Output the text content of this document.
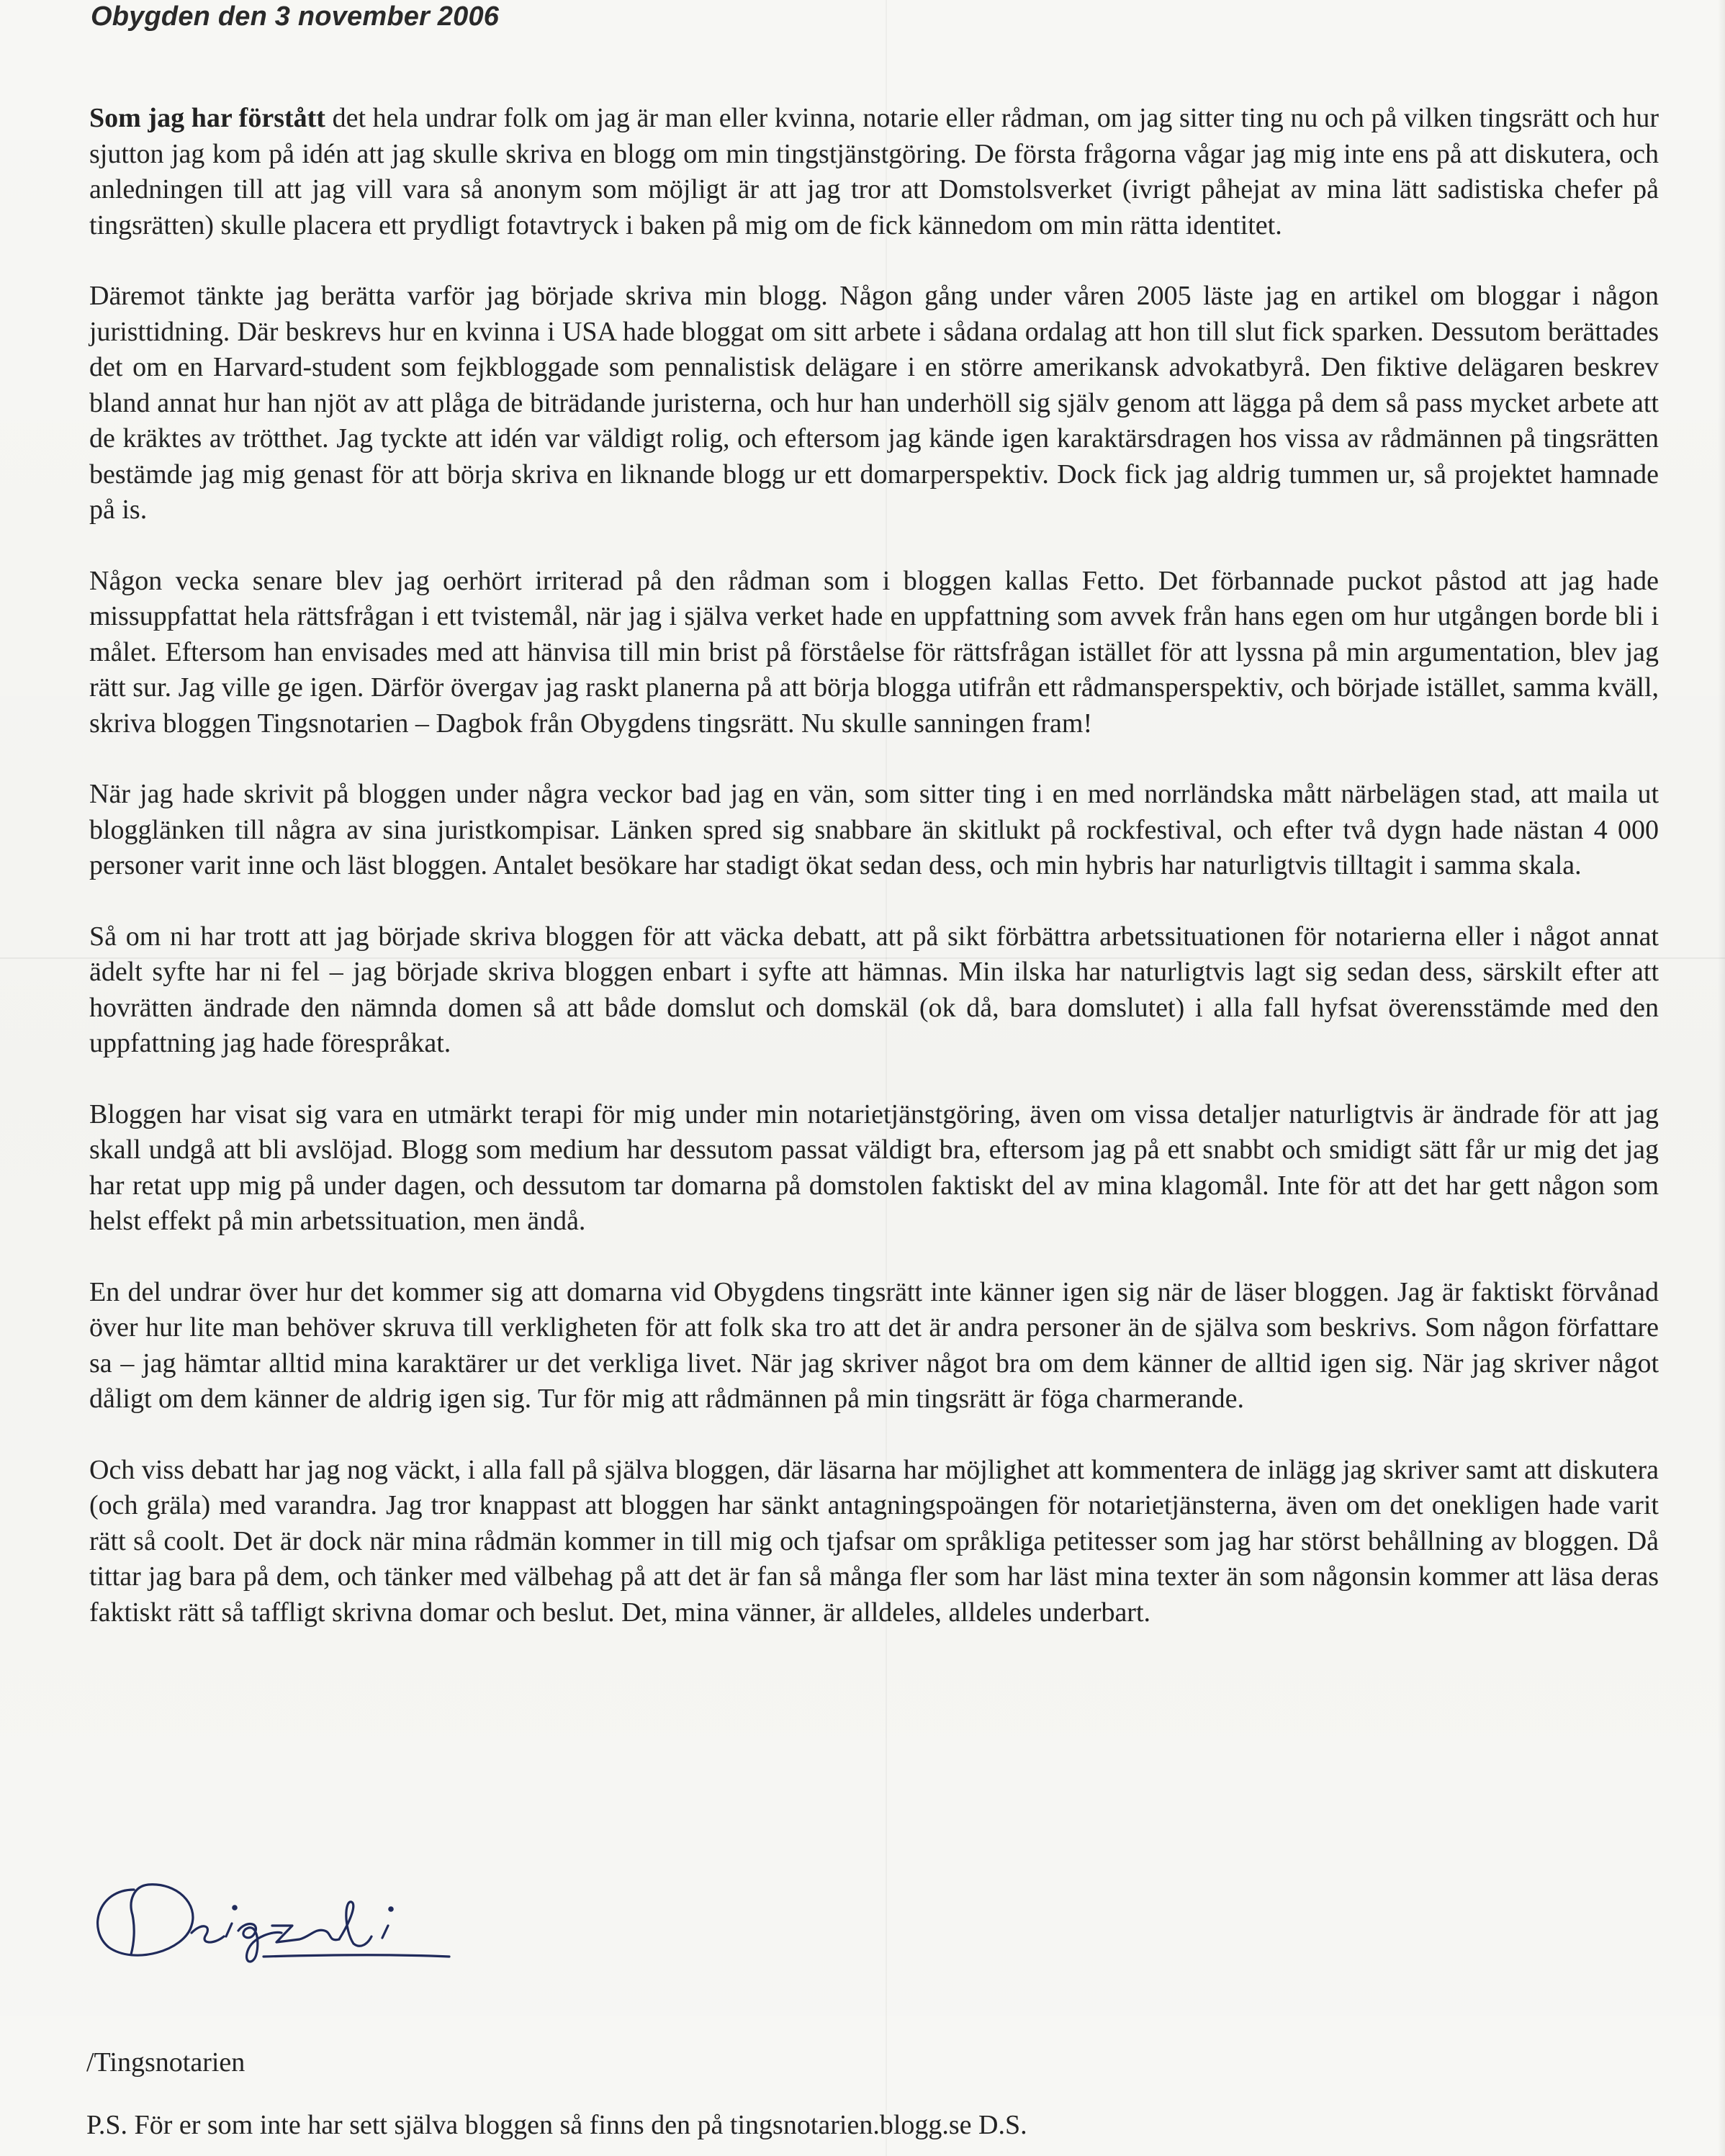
Obygden den 3 november 2006

Som jag har förstått det hela undrar folk om jag är man eller kvinna, notarie eller rådman, om jag sitter ting nu och på vilken tingsrätt och hur sjutton jag kom på idén att jag skulle skriva en blogg om min tingstjänstgöring. De första frågorna vågar jag mig inte ens på att diskutera, och anledningen till att jag vill vara så anonym som möjligt är att jag tror att Domstolsverket (ivrigt påhejat av mina lätt sadistiska chefer på tingsrätten) skulle placera ett prydligt fotavtryck i baken på mig om de fick kännedom om min rätta identitet.

Däremot tänkte jag berätta varför jag började skriva min blogg. Någon gång under våren 2005 läste jag en artikel om bloggar i någon juristtidning. Där beskrevs hur en kvinna i USA hade bloggat om sitt arbete i sådana ordalag att hon till slut fick sparken. Dessutom berättades det om en Harvard-student som fejkbloggade som pennalistisk delägare i en större amerikansk advokatbyrå. Den fiktive delägaren beskrev bland annat hur han njöt av att plåga de biträdande juristerna, och hur han underhöll sig själv genom att lägga på dem så pass mycket arbete att de kräktes av trötthet. Jag tyckte att idén var väldigt rolig, och eftersom jag kände igen karaktärsdragen hos vissa av rådmännen på tingsrätten bestämde jag mig genast för att börja skriva en liknande blogg ur ett domarperspektiv. Dock fick jag aldrig tummen ur, så projektet hamnade på is.

Någon vecka senare blev jag oerhört irriterad på den rådman som i bloggen kallas Fetto. Det förbannade puckot påstod att jag hade missuppfattat hela rättsfrågan i ett tvistemål, när jag i själva verket hade en uppfattning som avvek från hans egen om hur utgången borde bli i målet. Eftersom han envisades med att hänvisa till min brist på förståelse för rättsfrågan istället för att lyssna på min argumentation, blev jag rätt sur. Jag ville ge igen. Därför övergav jag raskt planerna på att börja blogga utifrån ett rådmansperspektiv, och började istället, samma kväll, skriva bloggen Tingsnotarien – Dagbok från Obygdens tingsrätt. Nu skulle sanningen fram!

När jag hade skrivit på bloggen under några veckor bad jag en vän, som sitter ting i en med norrländska mått närbelägen stad, att maila ut blogglänken till några av sina juristkompisar. Länken spred sig snabbare än skitlukt på rockfestival, och efter två dygn hade nästan 4 000 personer varit inne och läst bloggen. Antalet besökare har stadigt ökat sedan dess, och min hybris har naturligtvis tilltagit i samma skala.

Så om ni har trott att jag började skriva bloggen för att väcka debatt, att på sikt förbättra arbetssituationen för notarierna eller i något annat ädelt syfte har ni fel – jag började skriva bloggen enbart i syfte att hämnas. Min ilska har naturligtvis lagt sig sedan dess, särskilt efter att hovrätten ändrade den nämnda domen så att både domslut och domskäl (ok då, bara domslutet) i alla fall hyfsat överensstämde med den uppfattning jag hade förespråkat.

Bloggen har visat sig vara en utmärkt terapi för mig under min notarietjänstgöring, även om vissa detaljer naturligtvis är ändrade för att jag skall undgå att bli avslöjad. Blogg som medium har dessutom passat väldigt bra, eftersom jag på ett snabbt och smidigt sätt får ur mig det jag har retat upp mig på under dagen, och dessutom tar domarna på domstolen faktiskt del av mina klagomål. Inte för att det har gett någon som helst effekt på min arbetssituation, men ändå.

En del undrar över hur det kommer sig att domarna vid Obygdens tingsrätt inte känner igen sig när de läser bloggen. Jag är faktiskt förvånad över hur lite man behöver skruva till verkligheten för att folk ska tro att det är andra personer än de själva som beskrivs. Som någon författare sa – jag hämtar alltid mina karaktärer ur det verkliga livet. När jag skriver något bra om dem känner de alltid igen sig. När jag skriver något dåligt om dem känner de aldrig igen sig. Tur för mig att rådmännen på min tingsrätt är föga charmerande.

Och viss debatt har jag nog väckt, i alla fall på själva bloggen, där läsarna har möjlighet att kommentera de inlägg jag skriver samt att diskutera (och gräla) med varandra. Jag tror knappast att bloggen har sänkt antagningspoängen för notarietjänsterna, även om det onekligen hade varit rätt så coolt. Det är dock när mina rådmän kommer in till mig och tjafsar om språkliga petitesser som jag har störst behållning av bloggen. Då tittar jag bara på dem, och tänker med välbehag på att det är fan så många fler som har läst mina texter än som någonsin kommer att läsa deras faktiskt rätt så taffligt skrivna domar och beslut. Det, mina vänner, är alldeles, alldeles underbart.

/Tingsnotarien
P.S. För er som inte har sett själva bloggen så finns den på tingsnotarien.blogg.se D.S.
